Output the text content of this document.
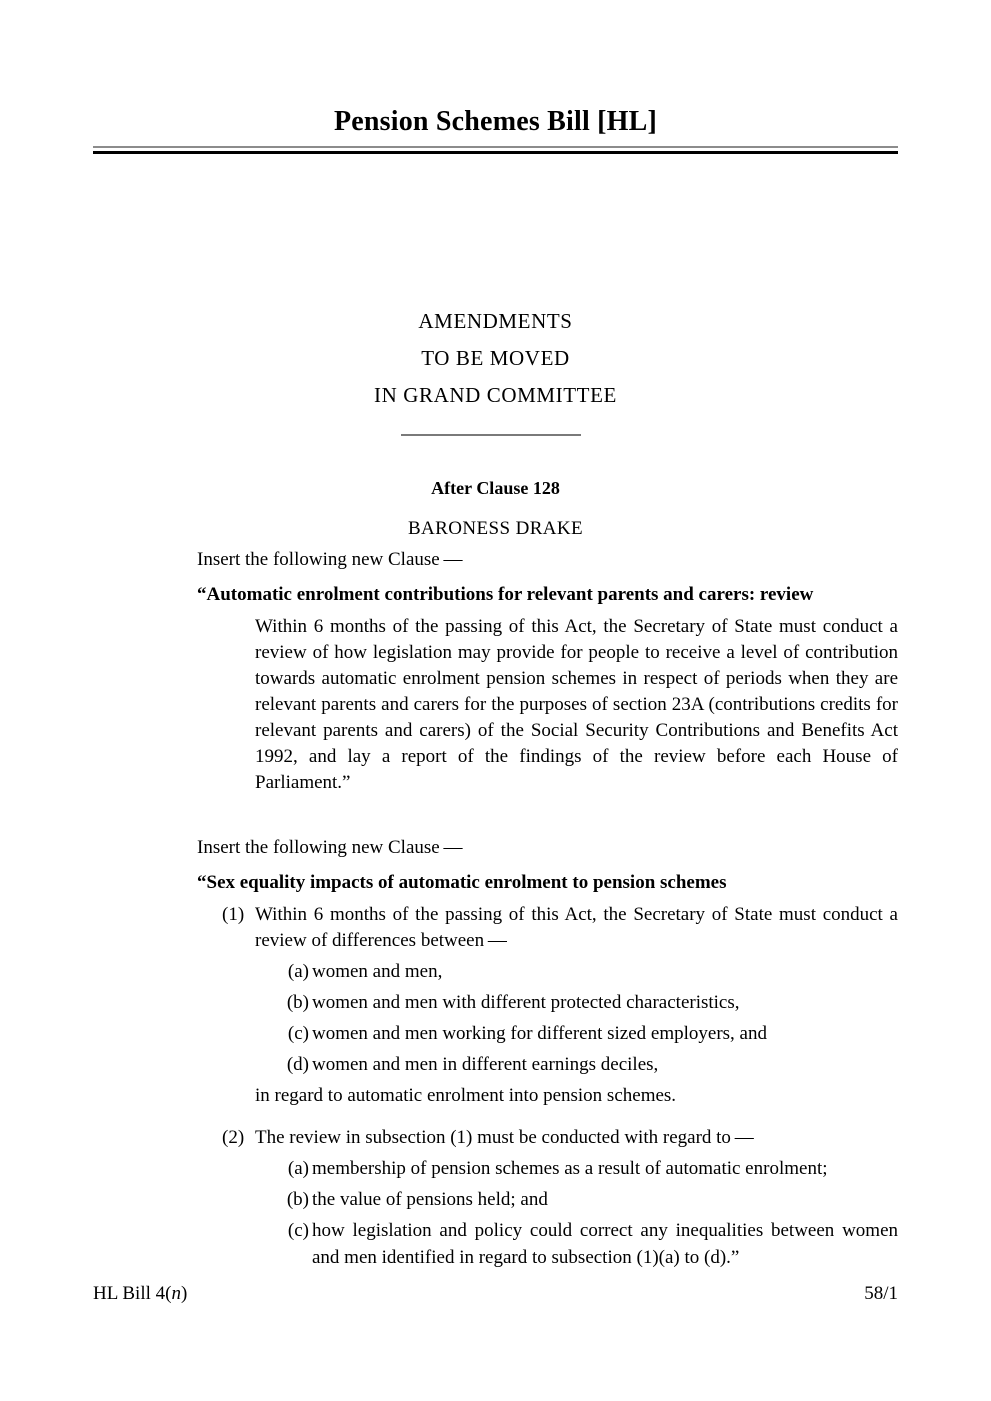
Pension Schemes Bill [HL]
AMENDMENTS
TO BE MOVED
IN GRAND COMMITTEE
After Clause 128
BARONESS DRAKE

Insert the following new Clause —

“Automatic enrolment contributions for relevant parents and carers: review

Within 6 months of the passing of this Act, the Secretary of State must conduct a review of how legislation may provide for people to receive a level of contribution towards automatic enrolment pension schemes in respect of periods when they are relevant parents and carers for the purposes of section 23A (contributions credits for relevant parents and carers) of the Social Security Contributions and Benefits Act 1992, and lay a report of the findings of the review before each House of Parliament.”

Insert the following new Clause —

“Sex equality impacts of automatic enrolment to pension schemes

(1) Within 6 months of the passing of this Act, the Secretary of State must conduct a review of differences between —

(a) women and men,

(b) women and men with different protected characteristics,

(c) women and men working for different sized employers, and

(d) women and men in different earnings deciles,

in regard to automatic enrolment into pension schemes.

(2) The review in subsection (1) must be conducted with regard to —

(a) membership of pension schemes as a result of automatic enrolment;

(b) the value of pensions held; and

(c) how legislation and policy could correct any inequalities between women and men identified in regard to subsection (1)(a) to (d).”

HL Bill 4(n)	58/1
